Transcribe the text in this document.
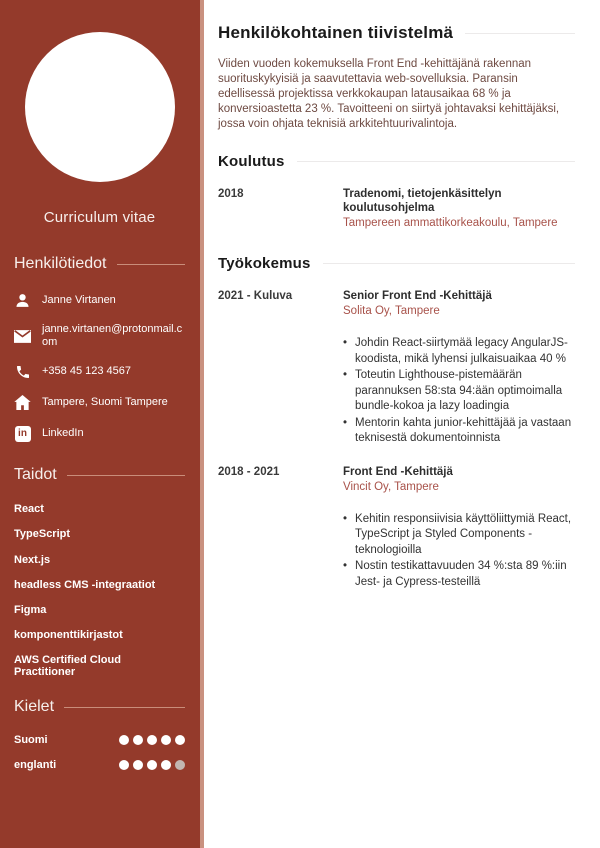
Curriculum vitae
Henkilötiedot
Janne Virtanen
janne.virtanen@protonmail.com
+358 45 123 4567
Tampere, Suomi Tampere
in	LinkedIn
Taidot
React
TypeScript
Next.js
headless CMS -integraatiot
Figma
komponenttikirjastot
AWS Certified Cloud Practitioner
Kielet
Suomi
englanti
Henkilökohtainen tiivistelmä

Viiden vuoden kokemuksella Front End -kehittäjänä rakennan suorituskykyisiä ja saavutettavia web-sovelluksia. Paransin edellisessä projektissa verkkokaupan latausaikaa 68 % ja konversioastetta 23 %. Tavoitteeni on siirtyä johtavaksi kehittäjäksi, jossa voin ohjata teknisiä arkkitehtuurivalintoja.

Koulutus
2018	Tradenomi, tietojenkäsittelyn koulutusohjelma
Tampereen ammattikorkeakoulu, Tampere
Työkokemus
2021 - Kuluva	Senior Front End -Kehittäjä
Solita Oy, Tampere
• Johdin React-siirtymää legacy AngularJS-koodista, mikä lyhensi julkaisuaikaa 40 %
• Toteutin Lighthouse-pistemäärän parannuksen 58:sta 94:ään optimoimalla bundle-kokoa ja lazy loadingia
• Mentorin kahta junior-kehittäjää ja vastaan teknisestä dokumentoinnista
2018 - 2021	Front End -Kehittäjä
Vincit Oy, Tampere
• Kehitin responsiivisia käyttöliittymiä React, TypeScript ja Styled Components -teknologioilla
• Nostin testikattavuuden 34 %:sta 89 %:iin Jest- ja Cypress-testeillä
